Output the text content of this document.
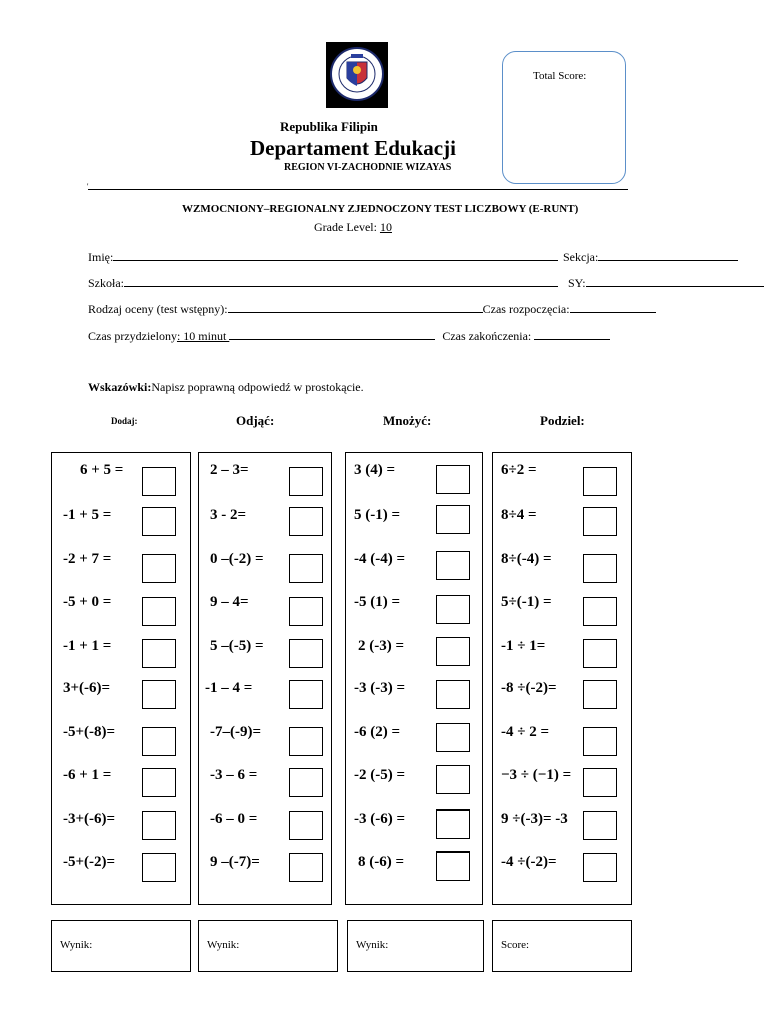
Republika Filipin
Departament Edukacji
REGION VI-ZACHODNIE WIZAYAS
Total Score:
'
WZMOCNIONY–REGIONALNY ZJEDNOCZONY TEST LICZBOWY (E-RUNT)
Grade Level: 10
Imię:	Sekcja:
Szkoła:	SY:
Rodzaj oceny (test wstępny):	Czas rozpoczęcia:
Czas przydzielony: 10 minut	Czas zakończenia:
Wskazówki:Napisz poprawną odpowiedź w prostokącie.
Dodaj:	Odjąć:	Mnożyć:	Podziel:
6 + 5 =
-1 + 5 =
-2 + 7 =
-5 + 0 =
-1 + 1 =
3+(-6)=
-5+(-8)=
-6 + 1 =
-3+(-6)=
-5+(-2)=
2 – 3=
3 - 2=
0 –(-2) =
9 – 4=
5 –(-5) =
-1 – 4 =
-7–(-9)=
-3 – 6 =
-6 – 0 =
9 –(-7)=
3 (4) =
5 (-1) =
-4 (-4) =
-5 (1) =
2 (-3) =
-3 (-3) =
-6 (2) =
-2 (-5) =
-3 (-6) =
8 (-6) =
6÷2 =
8÷4 =
8÷(-4) =
5÷(-1) =
-1 ÷ 1=
-8 ÷(-2)=
-4 ÷ 2 =
−3 ÷ (−1) =
9 ÷(-3)= -3
-4 ÷(-2)=
Wynik:	Wynik:	Wynik:	Score:
